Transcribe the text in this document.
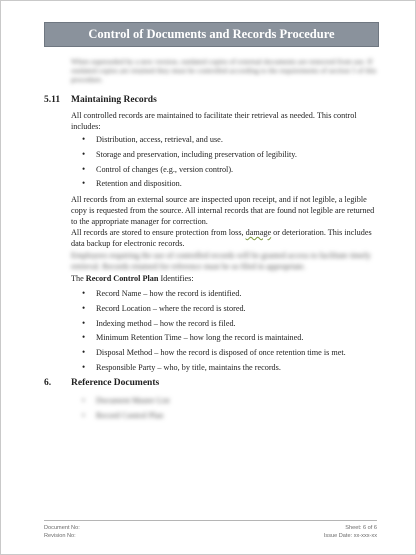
Control of Documents and Records Procedure
When superseded by a new version, outdated copies of external documents are removed from use. If outdated copies are retained they must be controlled according to the requirements of section 5 of this procedure.
5.11 Maintaining Records
All controlled records are maintained to facilitate their retrieval as needed. This control includes:
• Distribution, access, retrieval, and use.
• Storage and preservation, including preservation of legibility.
• Control of changes (e.g., version control).
• Retention and disposition.
All records from an external source are inspected upon receipt, and if not legible, a legible copy is requested from the source. All internal records that are found not legible are returned to the appropriate manager for correction.
All records are stored to ensure protection from loss, damage or deterioration. This includes data backup for electronic records.
Employees requiring the use of controlled records will be granted access to facilitate timely retrieval. Records retained for reference must be so filed in appropriate.
The Record Control Plan Identifies:
• Record Name – how the record is identified.
• Record Location – where the record is stored.
• Indexing method – how the record is filed.
• Minimum Retention Time – how long the record is maintained.
• Disposal Method – how the record is disposed of once retention time is met.
• Responsible Party – who, by title, maintains the records.
6. Reference Documents
• Document Master List
• Record Control Plan
Document No:
Revision No:
Sheet: 6 of 6
Issue Date: xx-xxx-xx
